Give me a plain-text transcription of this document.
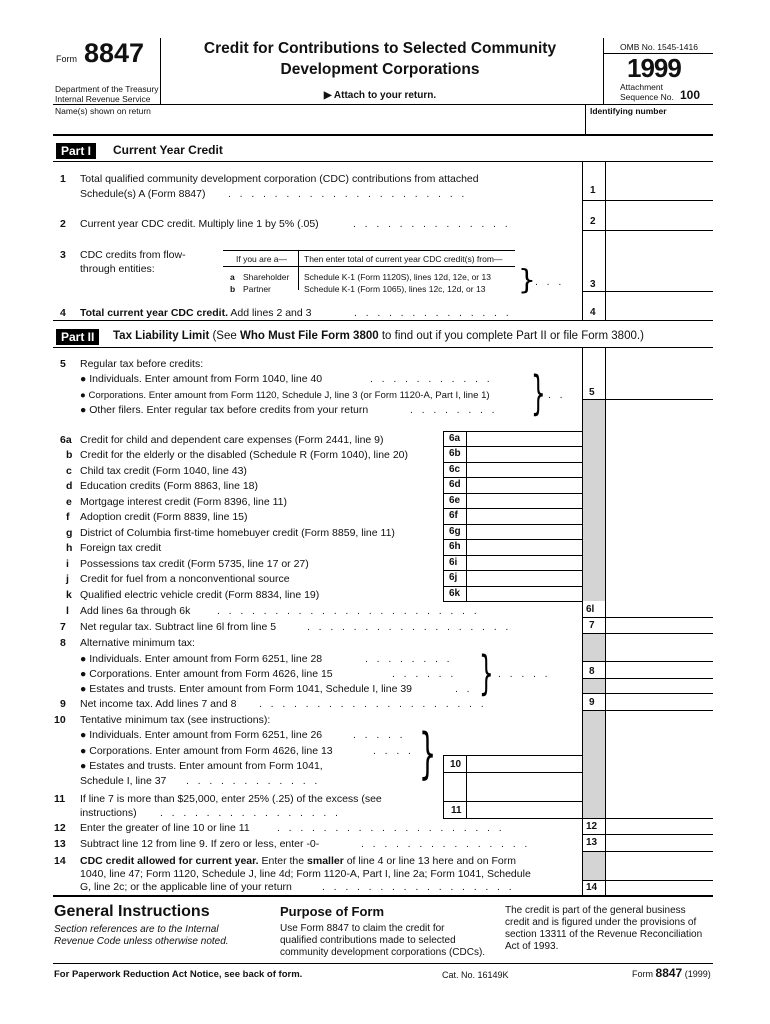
Form 8847
Department of the Treasury
Internal Revenue Service
Credit for Contributions to Selected Community
Development Corporations
▶ Attach to your return.
OMB No. 1545-1416
1999
Attachment
Sequence No. 100
Name(s) shown on return	Identifying number
Part I	Current Year Credit
1 Total qualified community development corporation (CDC) contributions from attached
Schedule(s) A (Form 8847) .   .   .   .   .   .   .   .   .   .   .   .   .   .   .   .   .   .   .   .   .	1
2 Current year CDC credit. Multiply line 1 by 5% (.05)	.   .   .   .   .   .   .   .   .   .   .   .   .   .	2
3 CDC credits from flow-
through entities:
If you are a— Then enter total of current year CDC credit(s) from—
a Shareholder Schedule K-1 (Form 1120S), lines 12d, 12e, or 13
b Partner	Schedule K-1 (Form 1065), lines 12c, 12d, or 13 } .   .   .	3
4 Total current year CDC credit. Add lines 2 and 3	.   .   .   .   .   .   .   .   .   .   .   .   .   .	4
Part II	Tax Liability Limit (See Who Must File Form 3800 to find out if you complete Part II or file Form 3800.)
5 Regular tax before credits:
● Individuals. Enter amount from Form 1040, line 40	.   .   .   .   .   .   .   .   .   .   .
● Corporations. Enter amount from Form 1120, Schedule J, line 3 (or Form 1120-A, Part I, line 1)
● Other filers. Enter regular tax before credits from your return	.   .   .   .   .   .   .   . } .   .	5
6a Credit for child and dependent care expenses (Form 2441, line 9)	6a
b Credit for the elderly or the disabled (Schedule R (Form 1040), line 20)	6b
c Child tax credit (Form 1040, line 43)	6c
d Education credits (Form 8863, line 18)	6d
e Mortgage interest credit (Form 8396, line 11)	6e
f Adoption credit (Form 8839, line 15)	6f
g District of Columbia first-time homebuyer credit (Form 8859, line 11)	6g
h Foreign tax credit	6h
i Possessions tax credit (Form 5735, line 17 or 27)	6i
j Credit for fuel from a nonconventional source	6j
k Qualified electric vehicle credit (Form 8834, line 19)	6k
l Add lines 6a through 6k	.   .   .   .   .   .   .   .   .   .   .   .   .   .   .   .   .   .   .   .   .   .   .	6l
7 Net regular tax. Subtract line 6l from line 5	.   .   .   .   .   .   .   .   .   .   .   .   .   .   .   .   .   .	7
8 Alternative minimum tax:
● Individuals. Enter amount from Form 6251, line 28	.   .   .   .   .   .   .   .
● Corporations. Enter amount from Form 4626, line 15	.   .   .   .   .   .
● Estates and trusts. Enter amount from Form 1041, Schedule I, line 39	.   . } .   .   .   .   .	8
9 Net income tax. Add lines 7 and 8 .   .   .   .   .   .   .   .   .   .   .   .   .   .   .   .   .   .   .   .	9
10 Tentative minimum tax (see instructions):
● Individuals. Enter amount from Form 6251, line 26	.   .   .   .   .
● Corporations. Enter amount from Form 4626, line 13	.   .   .   .
● Estates and trusts. Enter amount from Form 1041,
Schedule I, line 37 .   .   .   .   .   .   .   .   .   .   .   . } 10
11 If line 7 is more than $25,000, enter 25% (.25) of the excess (see
instructions) .   .   .   .   .   .   .   .   .   .   .   .   .   .   .   .	11
12 Enter the greater of line 10 or line 11	.   .   .   .   .   .   .   .   .   .   .   .   .   .   .   .   .   .   .   .	12
13 Subtract line 12 from line 9. If zero or less, enter -0-	.   .   .   .   .   .   .   .   .   .   .   .   .   .   .	13
14 CDC credit allowed for current year. Enter the smaller of line 4 or line 13 here and on Form
1040, line 47; Form 1120, Schedule J, line 4d; Form 1120-A, Part I, line 2a; Form 1041, Schedule
G, line 2c; or the applicable line of your return	.   .   .   .   .   .   .   .   .   .   .   .   .   .   .   .   .	14
General Instructions
Section references are to the Internal
Revenue Code unless otherwise noted.
Purpose of Form
Use Form 8847 to claim the credit for
qualified contributions made to selected
community development corporations (CDCs).
The credit is part of the general business
credit and is figured under the provisions of
section 13311 of the Revenue Reconciliation
Act of 1993.
For Paperwork Reduction Act Notice, see back of form.	Cat. No. 16149K	Form 8847 (1999)
